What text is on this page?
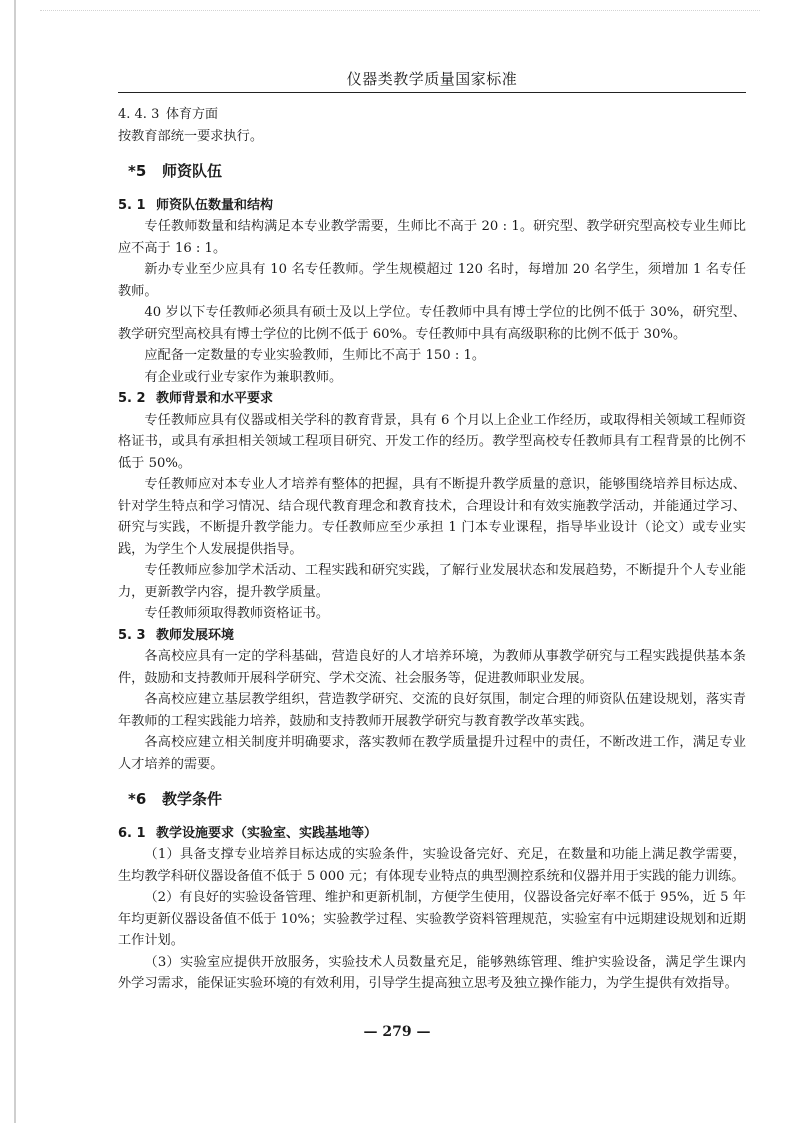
仪器类教学质量国家标准

4. 4. 3 体育方面

按教育部统一要求执行。

*5 师资队伍

5. 1 师资队伍数量和结构

专任教师数量和结构满足本专业教学需要，生师比不高于 20 : 1。研究型、教学研究型高校专业生师比应不高于 16 : 1。

新办专业至少应具有 10 名专任教师。学生规模超过 120 名时，每增加 20 名学生，须增加 1 名专任教师。

40 岁以下专任教师必须具有硕士及以上学位。专任教师中具有博士学位的比例不低于 30%，研究型、教学研究型高校具有博士学位的比例不低于 60%。专任教师中具有高级职称的比例不低于 30%。

应配备一定数量的专业实验教师，生师比不高于 150 : 1。

有企业或行业专家作为兼职教师。

5. 2 教师背景和水平要求

专任教师应具有仪器或相关学科的教育背景，具有 6 个月以上企业工作经历，或取得相关领域工程师资格证书，或具有承担相关领域工程项目研究、开发工作的经历。教学型高校专任教师具有工程背景的比例不低于 50%。

专任教师应对本专业人才培养有整体的把握，具有不断提升教学质量的意识，能够围绕培养目标达成、针对学生特点和学习情况、结合现代教育理念和教育技术，合理设计和有效实施教学活动，并能通过学习、研究与实践，不断提升教学能力。专任教师应至少承担 1 门本专业课程，指导毕业设计（论文）或专业实践，为学生个人发展提供指导。

专任教师应参加学术活动、工程实践和研究实践，了解行业发展状态和发展趋势，不断提升个人专业能力，更新教学内容，提升教学质量。

专任教师须取得教师资格证书。

5. 3 教师发展环境

各高校应具有一定的学科基础，营造良好的人才培养环境，为教师从事教学研究与工程实践提供基本条件，鼓励和支持教师开展科学研究、学术交流、社会服务等，促进教师职业发展。

各高校应建立基层教学组织，营造教学研究、交流的良好氛围，制定合理的师资队伍建设规划，落实青年教师的工程实践能力培养，鼓励和支持教师开展教学研究与教育教学改革实践。

各高校应建立相关制度并明确要求，落实教师在教学质量提升过程中的责任，不断改进工作，满足专业人才培养的需要。

*6 教学条件

6. 1 教学设施要求（实验室、实践基地等）

（1）具备支撑专业培养目标达成的实验条件，实验设备完好、充足，在数量和功能上满足教学需要，生均教学科研仪器设备值不低于 5 000 元；有体现专业特点的典型测控系统和仪器并用于实践的能力训练。

（2）有良好的实验设备管理、维护和更新机制，方便学生使用，仪器设备完好率不低于 95%，近 5 年年均更新仪器设备值不低于 10%；实验教学过程、实验教学资料管理规范，实验室有中远期建设规划和近期工作计划。

（3）实验室应提供开放服务，实验技术人员数量充足，能够熟练管理、维护实验设备，满足学生课内外学习需求，能保证实验环境的有效利用，引导学生提高独立思考及独立操作能力，为学生提供有效指导。

— 279 —
